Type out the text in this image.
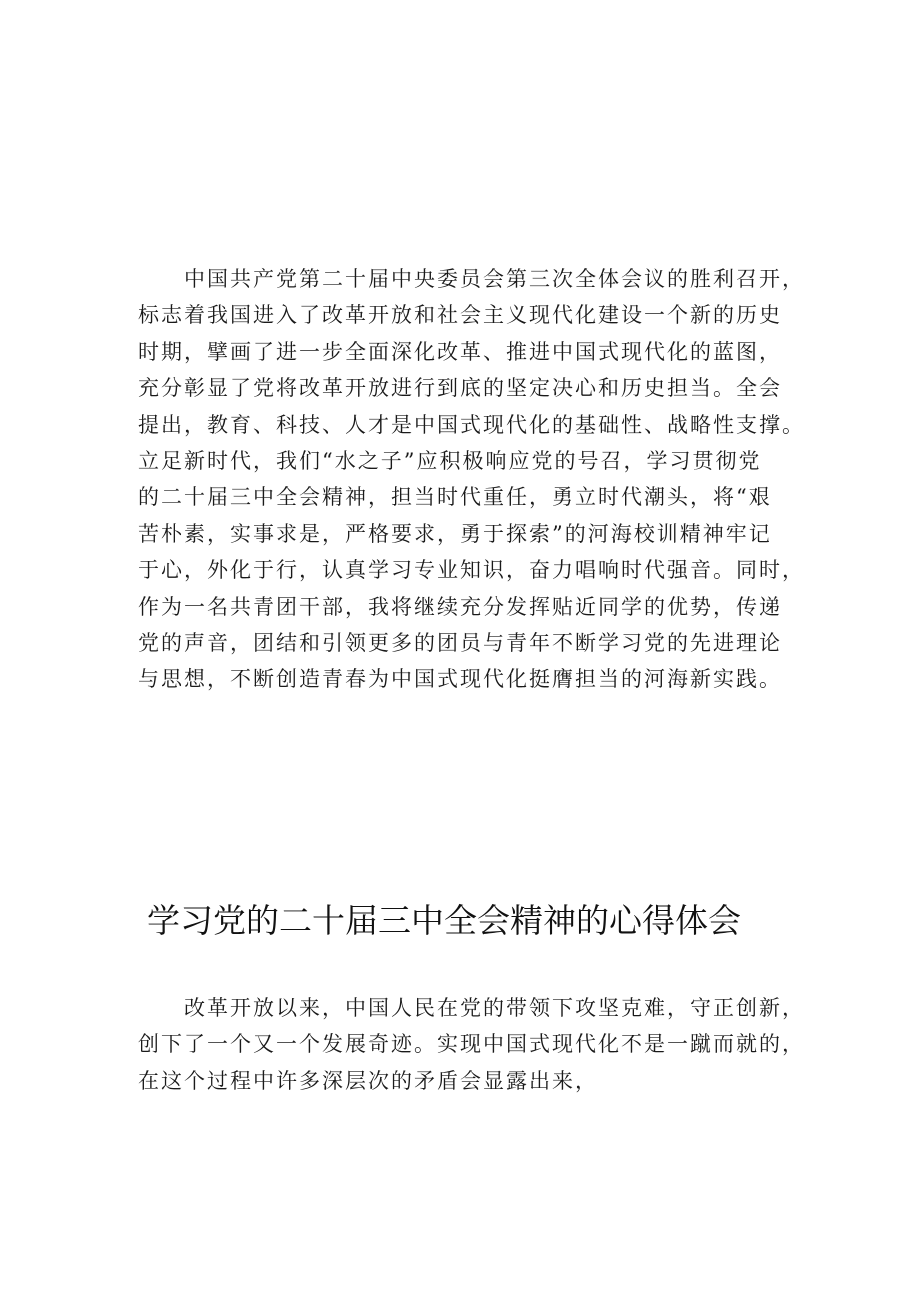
中国共产党第二十届中央委员会第三次全体会议的胜利召开，
标志着我国进入了改革开放和社会主义现代化建设一个新的历史
时期，擘画了进一步全面深化改革、推进中国式现代化的蓝图，
充分彰显了党将改革开放进行到底的坚定决心和历史担当。全会
提出，教育、科技、人才是中国式现代化的基础性、战略性支撑。
立足新时代，我们“水之子”应积极响应党的号召，学习贯彻党
的二十届三中全会精神，担当时代重任，勇立时代潮头，将“艰
苦朴素，实事求是，严格要求，勇于探索”的河海校训精神牢记
于心，外化于行，认真学习专业知识，奋力唱响时代强音。同时，
作为一名共青团干部，我将继续充分发挥贴近同学的优势，传递
党的声音，团结和引领更多的团员与青年不断学习党的先进理论
与思想，不断创造青春为中国式现代化挺膺担当的河海新实践。
学习党的二十届三中全会精神的心得体会
改革开放以来，中国人民在党的带领下攻坚克难，守正创新，
创下了一个又一个发展奇迹。实现中国式现代化不是一蹴而就的，
在这个过程中许多深层次的矛盾会显露出来，
